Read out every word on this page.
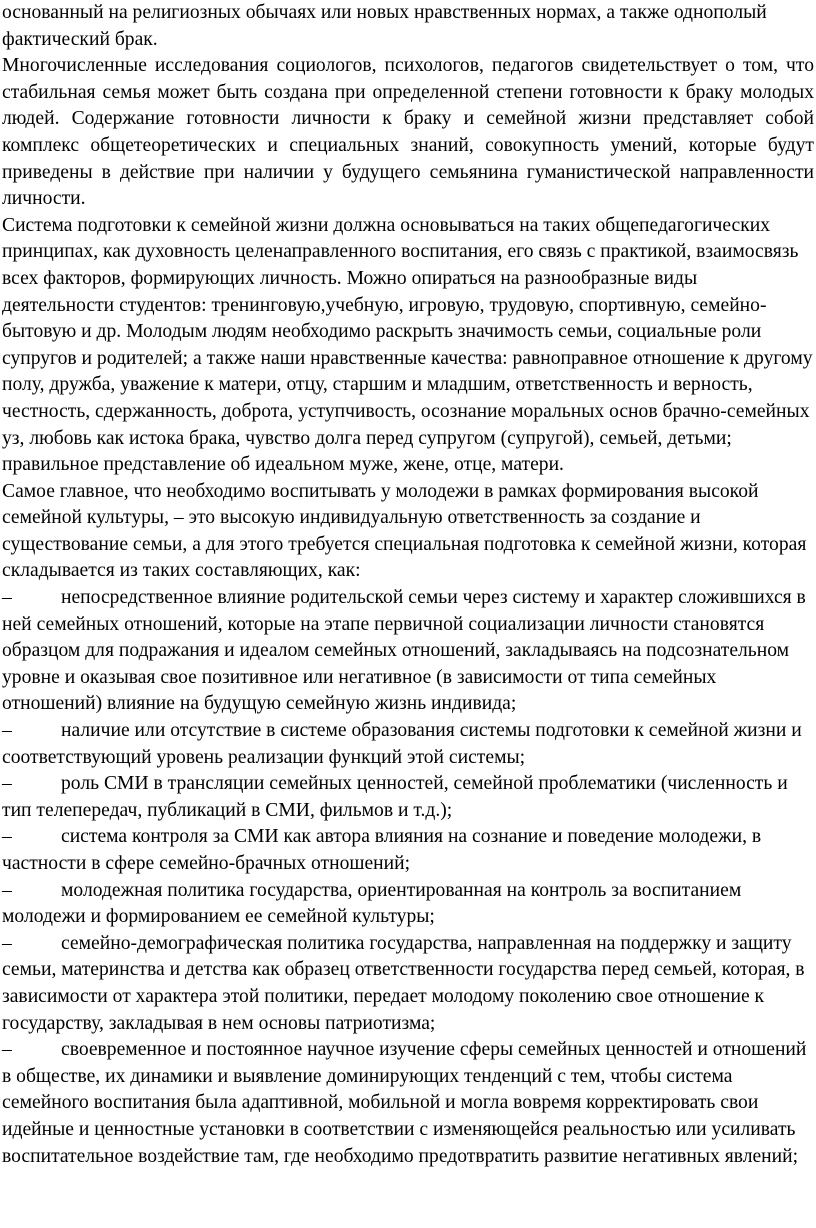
основанный на религиозных обычаях или новых нравственных нормах, а также однополый фактический брак.

Многочисленные исследования социологов, психологов, педагогов свидетельствует о том, что стабильная семья может быть создана при определенной степени готовности к браку молодых людей. Содержание готовности личности к браку и семейной жизни представляет собой комплекс общетеоретических и специальных знаний, совокупность умений, которые будут приведены в действие при наличии у будущего семьянина гуманистической направленности личности.

Система подготовки к семейной жизни должна основываться на таких общепедагогических принципах, как духовность целенаправленного воспитания, его связь с практикой, взаимосвязь всех факторов, формирующих личность. Можно опираться на разнообразные виды деятельности студентов: тренинговую,учебную, игровую, трудовую, спортивную, семейно-бытовую и др. Молодым людям необходимо раскрыть значимость семьи, социальные роли супругов и родителей; а также наши нравственные качества: равноправное отношение к другому полу, дружба, уважение к матери, отцу, старшим и младшим, ответственность и верность, честность, сдержанность, доброта, уступчивость, осознание моральных основ брачно-семейных уз, любовь как истока брака, чувство долга перед супругом (супругой), семьей, детьми; правильное представление об идеальном муже, жене, отце, матери.

Самое главное, что необходимо воспитывать у молодежи в рамках формирования высокой семейной культуры, – это высокую индивидуальную ответственность за создание и существование семьи, а для этого требуется специальная подготовка к семейной жизни, которая складывается из таких составляющих, как:

–	непосредственное влияние родительской семьи через систему и характер сложившихся в ней семейных отношений, которые на этапе первичной социализации личности становятся образцом для подражания и идеалом семейных отношений, закладываясь на подсознательном уровне и оказывая свое позитивное или негативное (в зависимости от типа семейных отношений) влияние на будущую семейную жизнь индивида;

–	наличие или отсутствие в системе образования системы подготовки к семейной жизни и соответствующий уровень реализации функций этой системы;

–	роль СМИ в трансляции семейных ценностей, семейной проблематики (численность и тип телепередач, публикаций в СМИ, фильмов и т.д.);

–	система контроля за СМИ как автора влияния на сознание и поведение молодежи, в частности в сфере семейно-брачных отношений;

–	молодежная политика государства, ориентированная на контроль за воспитанием молодежи и формированием ее семейной культуры;

–	семейно-демографическая политика государства, направленная на поддержку и защиту семьи, материнства и детства как образец ответственности государства перед семьей, которая, в зависимости от характера этой политики, передает молодому поколению свое отношение к государству, закладывая в нем основы патриотизма;

–	своевременное и постоянное научное изучение сферы семейных ценностей и отношений в обществе, их динамики и выявление доминирующих тенденций с тем, чтобы система семейного воспитания была адаптивной, мобильной и могла вовремя корректировать свои идейные и ценностные установки в соответствии с изменяющейся реальностью или усиливать воспитательное воздействие там, где необходимо предотвратить развитие негативных явлений;
